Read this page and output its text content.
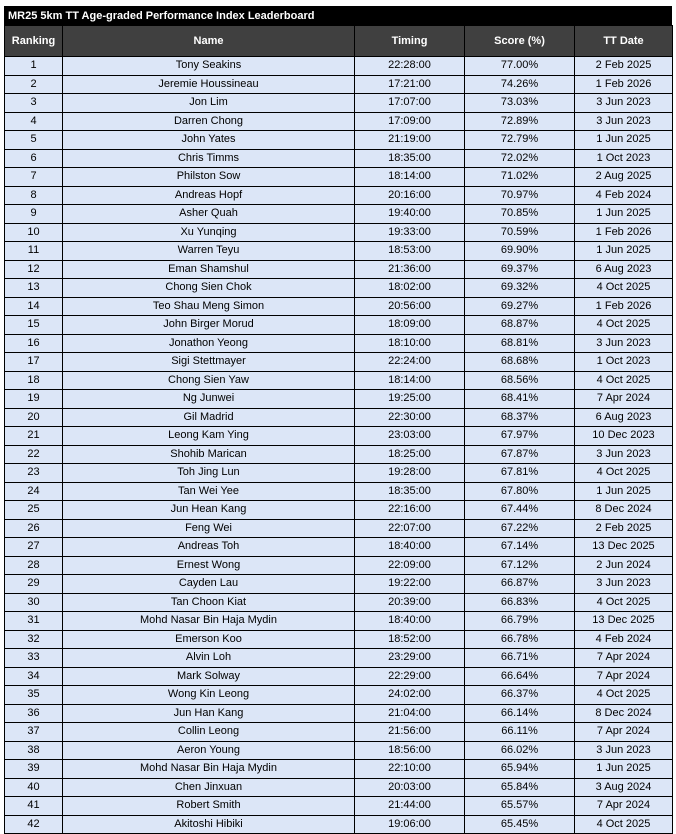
MR25 5km TT Age-graded Performance Index Leaderboard
Ranking	Name	Timing	Score (%)	TT Date
1	Tony Seakins	22:28:00	77.00%	2 Feb 2025
2	Jeremie Houssineau	17:21:00	74.26%	1 Feb 2026
3	Jon Lim	17:07:00	73.03%	3 Jun 2023
4	Darren Chong	17:09:00	72.89%	3 Jun 2023
5	John Yates	21:19:00	72.79%	1 Jun 2025
6	Chris Timms	18:35:00	72.02%	1 Oct 2023
7	Philston Sow	18:14:00	71.02%	2 Aug 2025
8	Andreas Hopf	20:16:00	70.97%	4 Feb 2024
9	Asher Quah	19:40:00	70.85%	1 Jun 2025
10	Xu Yunqing	19:33:00	70.59%	1 Feb 2026
11	Warren Teyu	18:53:00	69.90%	1 Jun 2025
12	Eman Shamshul	21:36:00	69.37%	6 Aug 2023
13	Chong Sien Chok	18:02:00	69.32%	4 Oct 2025
14	Teo Shau Meng Simon	20:56:00	69.27%	1 Feb 2026
15	John Birger Morud	18:09:00	68.87%	4 Oct 2025
16	Jonathon Yeong	18:10:00	68.81%	3 Jun 2023
17	Sigi Stettmayer	22:24:00	68.68%	1 Oct 2023
18	Chong Sien Yaw	18:14:00	68.56%	4 Oct 2025
19	Ng Junwei	19:25:00	68.41%	7 Apr 2024
20	Gil Madrid	22:30:00	68.37%	6 Aug 2023
21	Leong Kam Ying	23:03:00	67.97%	10 Dec 2023
22	Shohib Marican	18:25:00	67.87%	3 Jun 2023
23	Toh Jing Lun	19:28:00	67.81%	4 Oct 2025
24	Tan Wei Yee	18:35:00	67.80%	1 Jun 2025
25	Jun Hean Kang	22:16:00	67.44%	8 Dec 2024
26	Feng Wei	22:07:00	67.22%	2 Feb 2025
27	Andreas Toh	18:40:00	67.14%	13 Dec 2025
28	Ernest Wong	22:09:00	67.12%	2 Jun 2024
29	Cayden Lau	19:22:00	66.87%	3 Jun 2023
30	Tan Choon Kiat	20:39:00	66.83%	4 Oct 2025
31	Mohd Nasar Bin Haja Mydin	18:40:00	66.79%	13 Dec 2025
32	Emerson Koo	18:52:00	66.78%	4 Feb 2024
33	Alvin Loh	23:29:00	66.71%	7 Apr 2024
34	Mark Solway	22:29:00	66.64%	7 Apr 2024
35	Wong Kin Leong	24:02:00	66.37%	4 Oct 2025
36	Jun Han Kang	21:04:00	66.14%	8 Dec 2024
37	Collin Leong	21:56:00	66.11%	7 Apr 2024
38	Aeron Young	18:56:00	66.02%	3 Jun 2023
39	Mohd Nasar Bin Haja Mydin	22:10:00	65.94%	1 Jun 2025
40	Chen Jinxuan	20:03:00	65.84%	3 Aug 2024
41	Robert Smith	21:44:00	65.57%	7 Apr 2024
42	Akitoshi Hibiki	19:06:00	65.45%	4 Oct 2025
